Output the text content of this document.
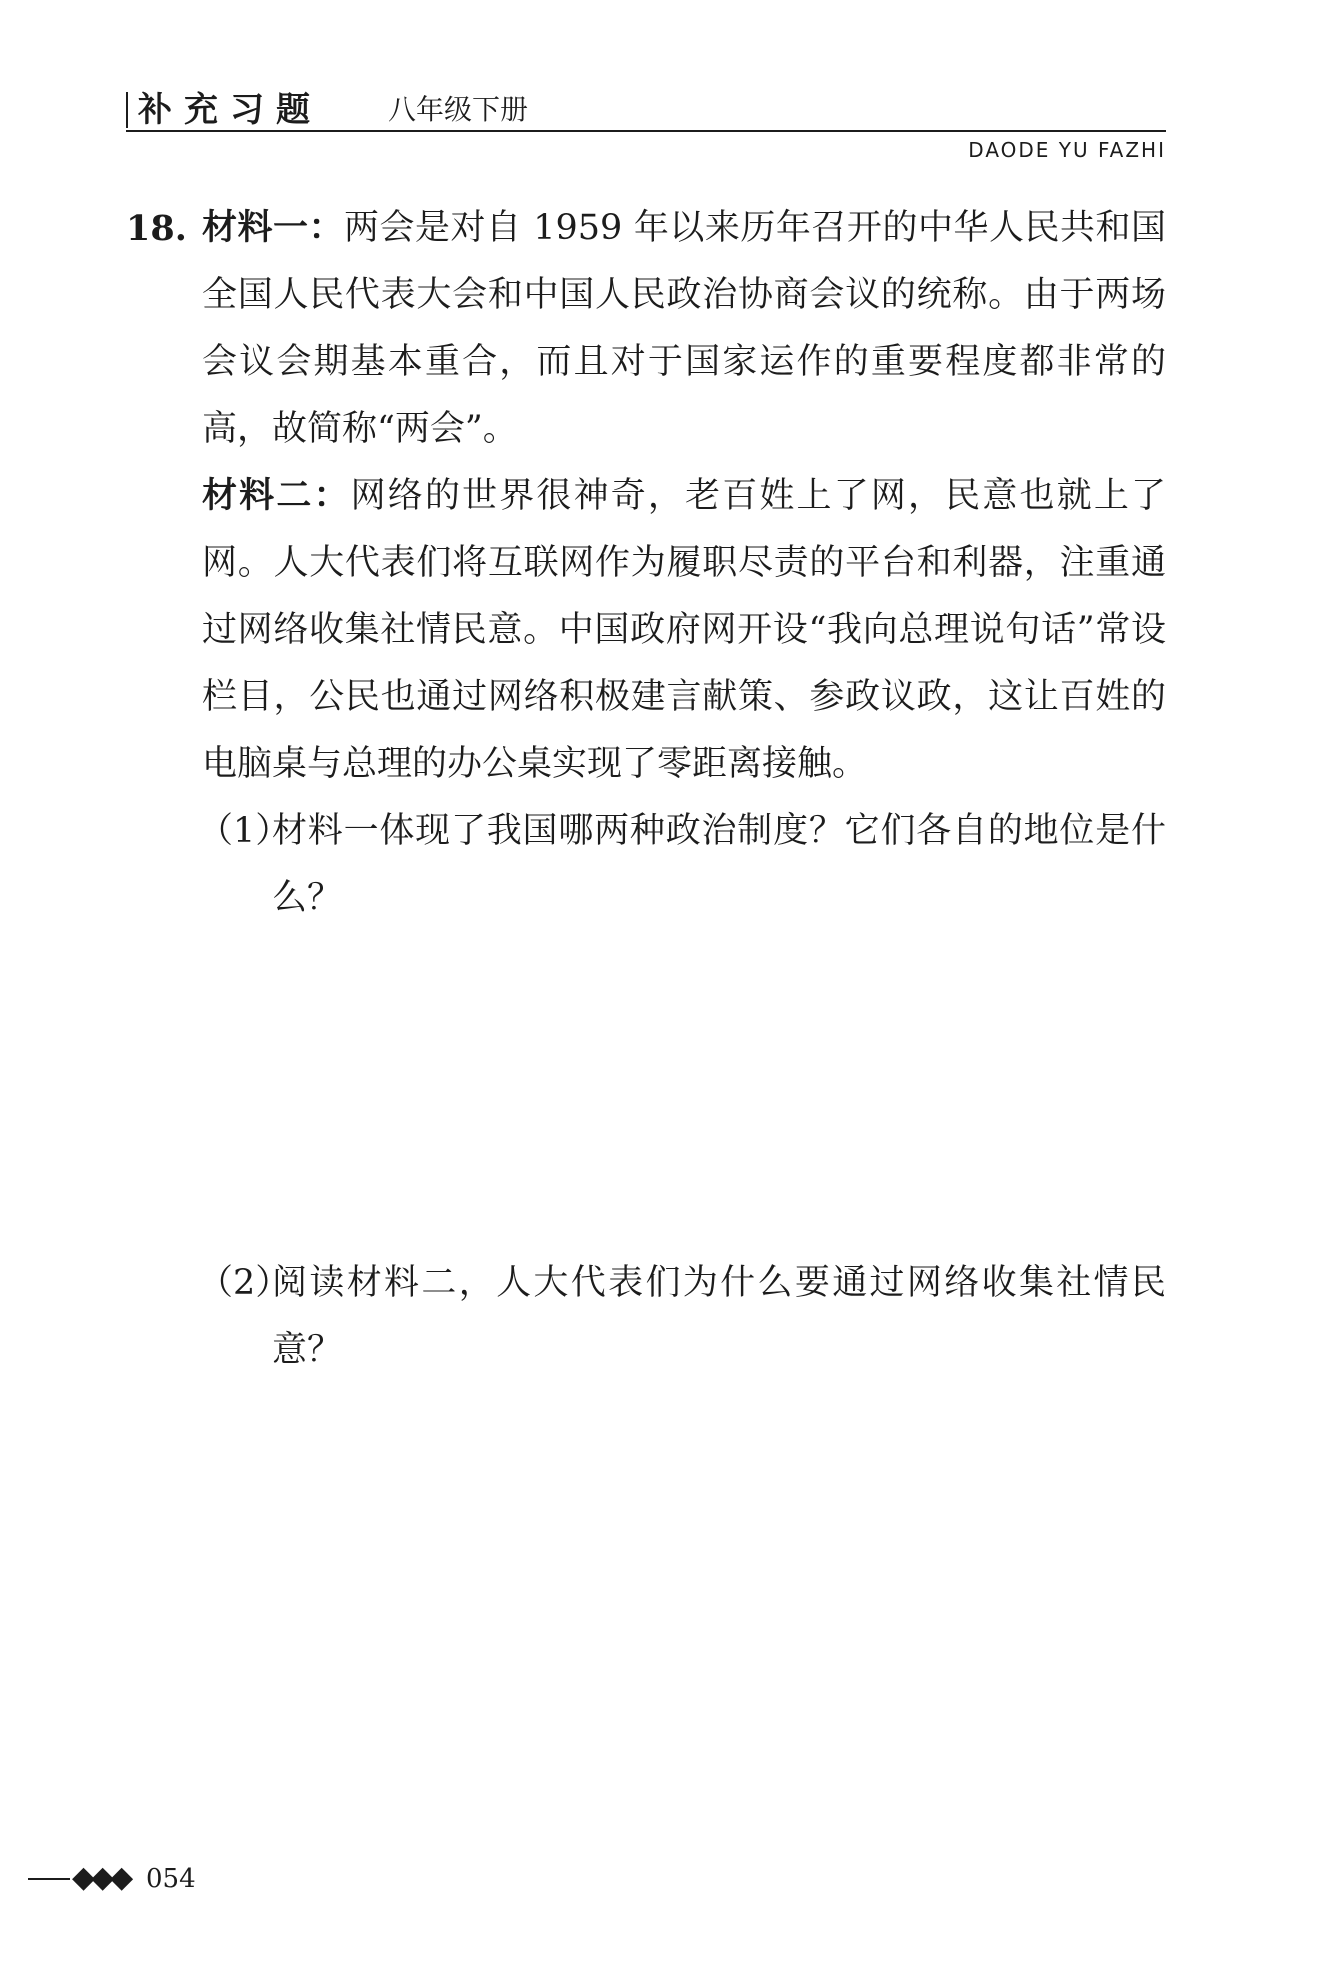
补充习题 八年级下册
DAODE YU FAZHI
18. 材料一：两会是对自 1959 年以来历年召开的中华人民共和国全国人民代表大会和中国人民政治协商会议的统称。由于两场会议会期基本重合，而且对于国家运作的重要程度都非常的高，故简称“两会”。

材料二：网络的世界很神奇，老百姓上了网，民意也就上了网。人大代表们将互联网作为履职尽责的平台和利器，注重通过网络收集社情民意。中国政府网开设“我向总理说句话”常设栏目，公民也通过网络积极建言献策、参政议政，这让百姓的电脑桌与总理的办公桌实现了零距离接触。

（1）

材料一体现了我国哪两种政治制度？它们各自的地位是什么？

（2）

阅读材料二，人大代表们为什么要通过网络收集社情民意？

◆◆◆ 054
